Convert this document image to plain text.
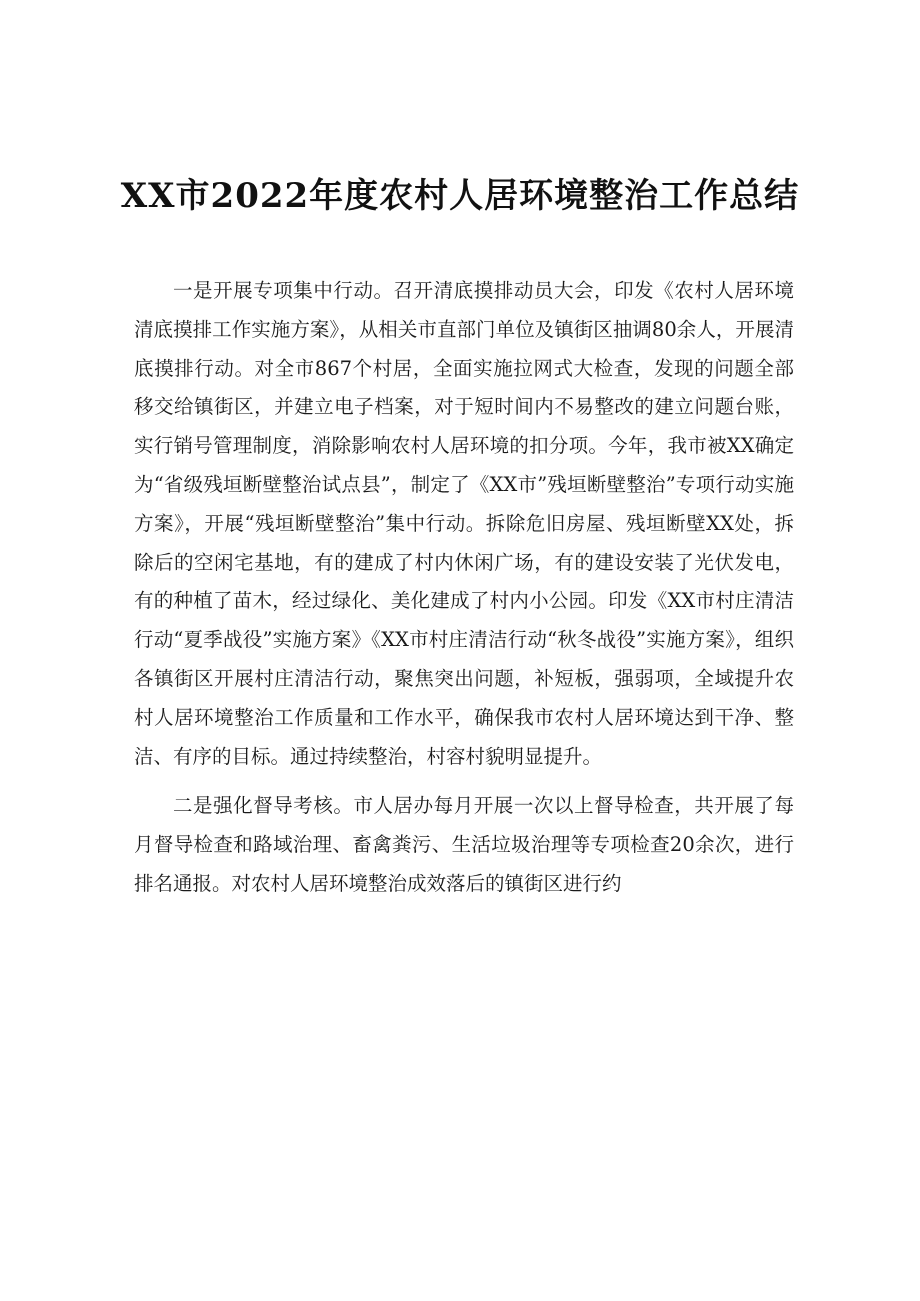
XX市2022年度农村人居环境整治工作总结

一是开展专项集中行动。召开清底摸排动员大会，印发《农村人居环境清底摸排工作实施方案》，从相关市直部门单位及镇街区抽调80余人，开展清底摸排行动。对全市867个村居，全面实施拉网式大检查，发现的问题全部移交给镇街区，并建立电子档案，对于短时间内不易整改的建立问题台账，实行销号管理制度，消除影响农村人居环境的扣分项。今年，我市被XX确定为“省级残垣断壁整治试点县”，制定了《XX市”残垣断壁整治”专项行动实施方案》，开展“残垣断壁整治”集中行动。拆除危旧房屋、残垣断壁XX处，拆除后的空闲宅基地，有的建成了村内休闲广场，有的建设安装了光伏发电，有的种植了苗木，经过绿化、美化建成了村内小公园。印发《XX市村庄清洁行动“夏季战役”实施方案》《XX市村庄清洁行动“秋冬战役”实施方案》，组织各镇街区开展村庄清洁行动，聚焦突出问题，补短板，强弱项，全域提升农村人居环境整治工作质量和工作水平，确保我市农村人居环境达到干净、整洁、有序的目标。通过持续整治，村容村貌明显提升。

二是强化督导考核。市人居办每月开展一次以上督导检查，共开展了每月督导检查和路域治理、畜禽粪污、生活垃圾治理等专项检查20余次，进行排名通报。对农村人居环境整治成效落后的镇街区进行约
